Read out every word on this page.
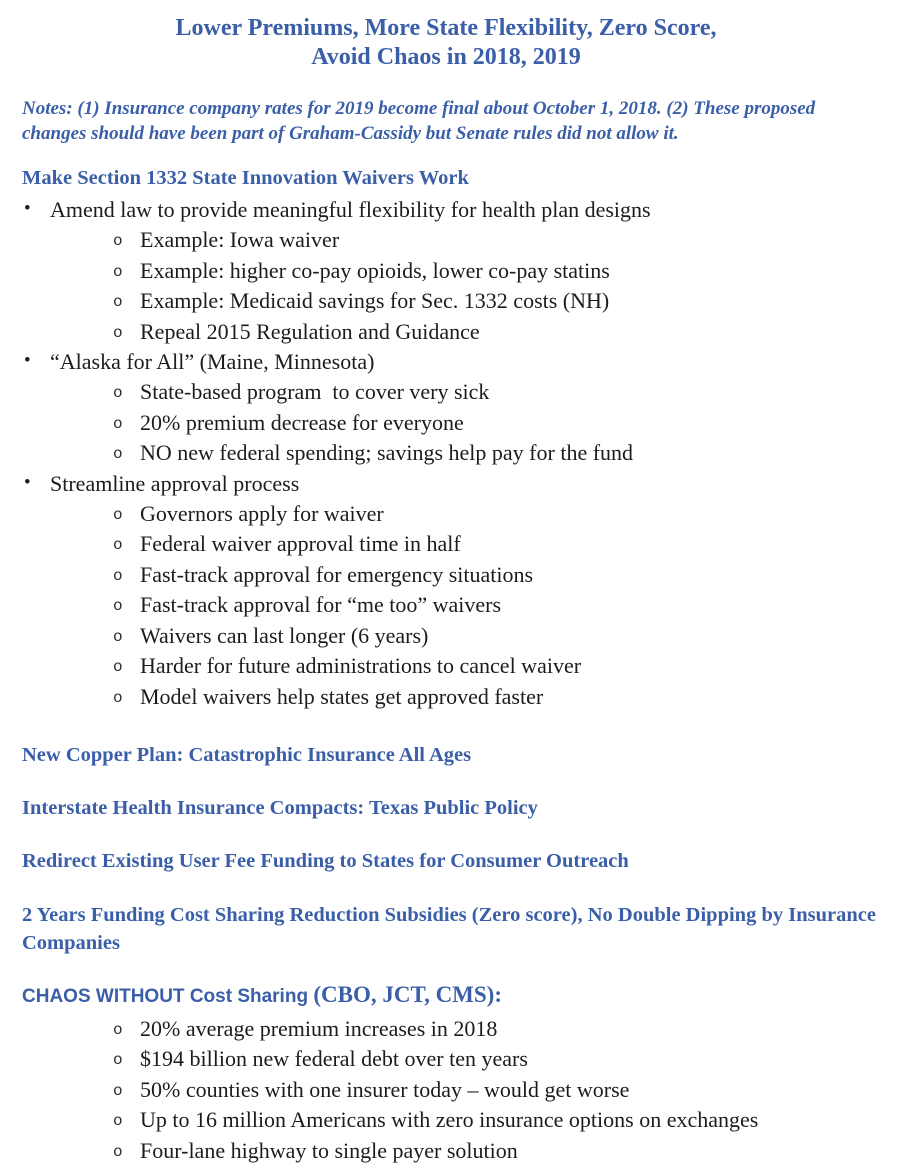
Lower Premiums, More State Flexibility, Zero Score,
Avoid Chaos in 2018, 2019

Notes: (1) Insurance company rates for 2019 become final about October 1, 2018. (2) These proposed changes should have been part of Graham-Cassidy but Senate rules did not allow it.

Make Section 1332 State Innovation Waivers Work
• Amend law to provide meaningful flexibility for health plan designs
o Example: Iowa waiver
o Example: higher co-pay opioids, lower co-pay statins
o Example: Medicaid savings for Sec. 1332 costs (NH)
o Repeal 2015 Regulation and Guidance
• “Alaska for All” (Maine, Minnesota)
o State-based program  to cover very sick
o 20% premium decrease for everyone
o NO new federal spending; savings help pay for the fund
• Streamline approval process
o Governors apply for waiver
o Federal waiver approval time in half
o Fast-track approval for emergency situations
o Fast-track approval for “me too” waivers
o Waivers can last longer (6 years)
o Harder for future administrations to cancel waiver
o Model waivers help states get approved faster
New Copper Plan: Catastrophic Insurance All Ages
Interstate Health Insurance Compacts: Texas Public Policy
Redirect Existing User Fee Funding to States for Consumer Outreach
2 Years Funding Cost Sharing Reduction Subsidies (Zero score), No Double Dipping by Insurance Companies
CHAOS WITHOUT Cost Sharing (CBO, JCT, CMS):
o 20% average premium increases in 2018
o $194 billion new federal debt over ten years
o 50% counties with one insurer today – would get worse
o Up to 16 million Americans with zero insurance options on exchanges
o Four-lane highway to single payer solution
